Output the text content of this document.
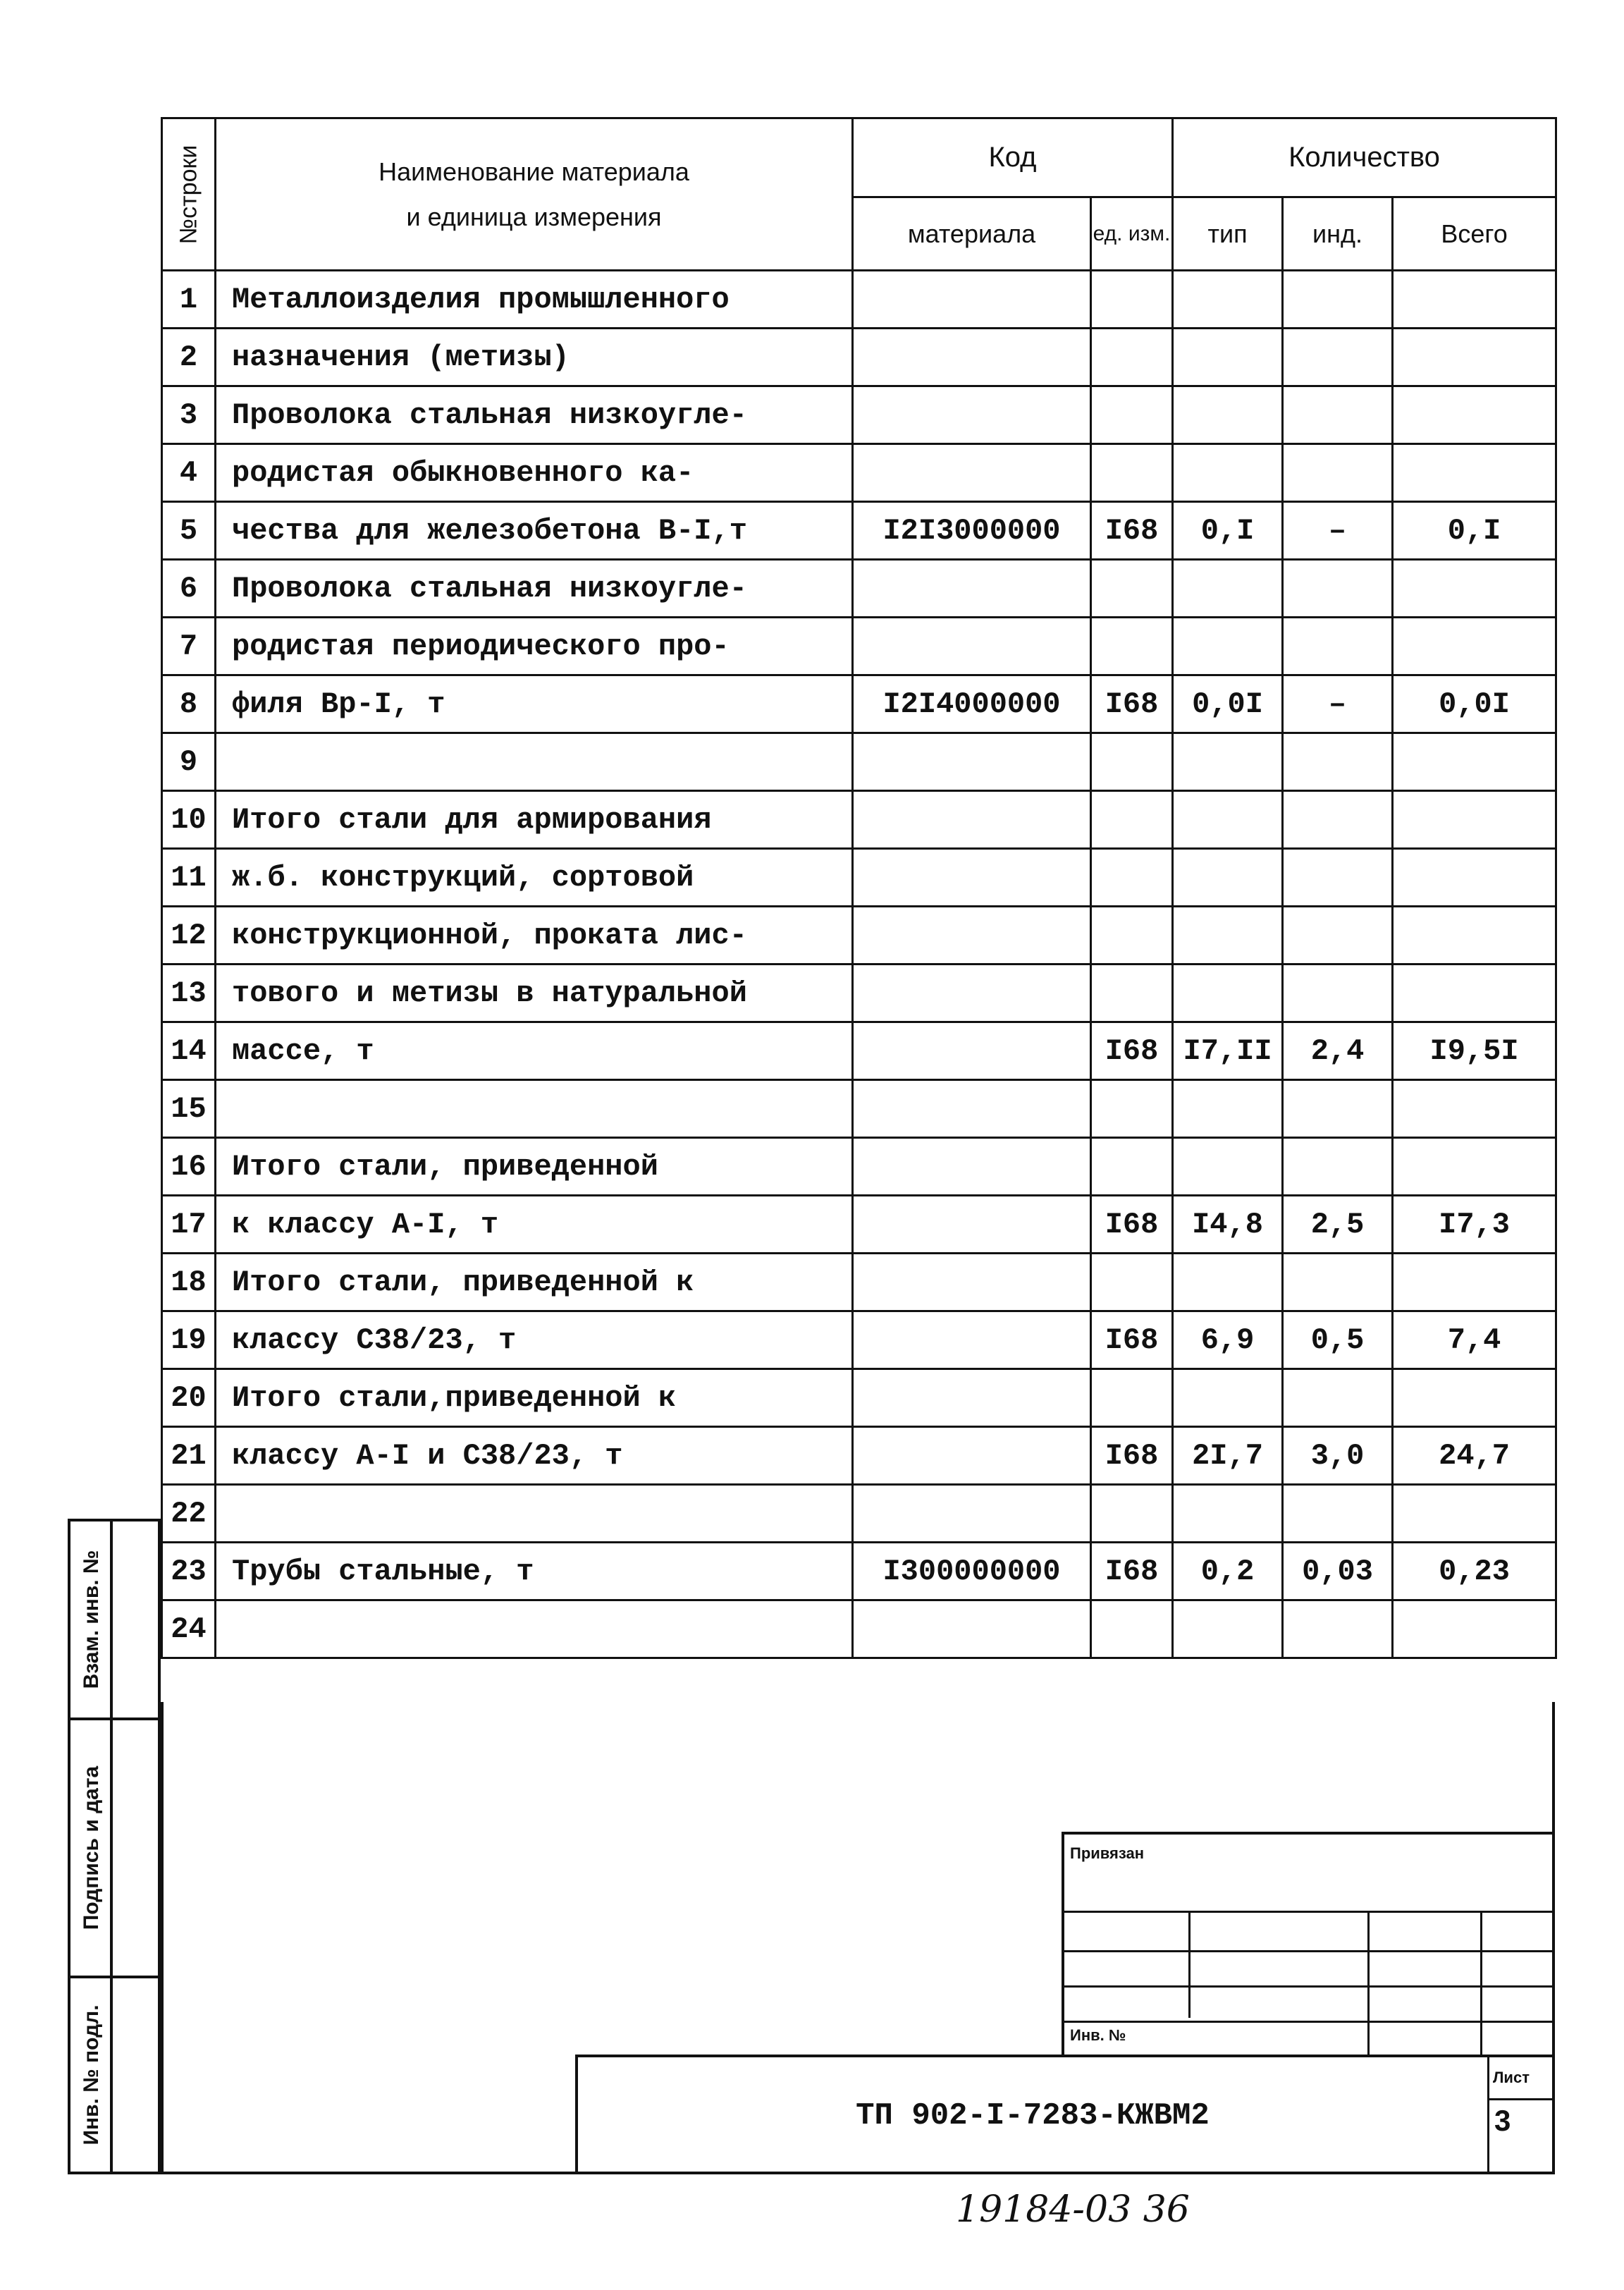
№строки	Наименование материала
и единица измерения	Код		Количество		
		материала	ед. изм.	тип	инд.	Всего
1	Металлоизделия промышленного					
2	назначения (метизы)					
3	Проволока стальная низкоугле-					
4	родистая обыкновенного ка-					
5	чества для железобетона В-I,т	I2I3000000	I68	0,I	–	0,I
6	Проволока стальная низкоугле-					
7	родистая периодического про-					
8	филя Вр-I, т	I2I4000000	I68	0,0I	–	0,0I
9						
10	Итого стали для армирования					
11	ж.б. конструкций, сортовой					
12	конструкционной, проката лис-					
13	тового и метизы в натуральной					
14	массе, т		I68	I7,II	2,4	I9,5I
15						
16	Итого стали, приведенной					
17	к классу А-I, т		I68	I4,8	2,5	I7,3
18	Итого стали, приведенной к					
19	классу С38/23, т		I68	6,9	0,5	7,4
20	Итого стали,приведенной к					
21	классу А-I и С38/23, т		I68	2I,7	3,0	24,7
22						
23	Трубы стальные, т	I300000000	I68	0,2	0,03	0,23
24						
Взам. инв. №
Подпись и дата
Инв. № подл.
Привязан
Инв. №
ТП 902-I-7283-КЖВМ2
Лист
3
19184-03 36
